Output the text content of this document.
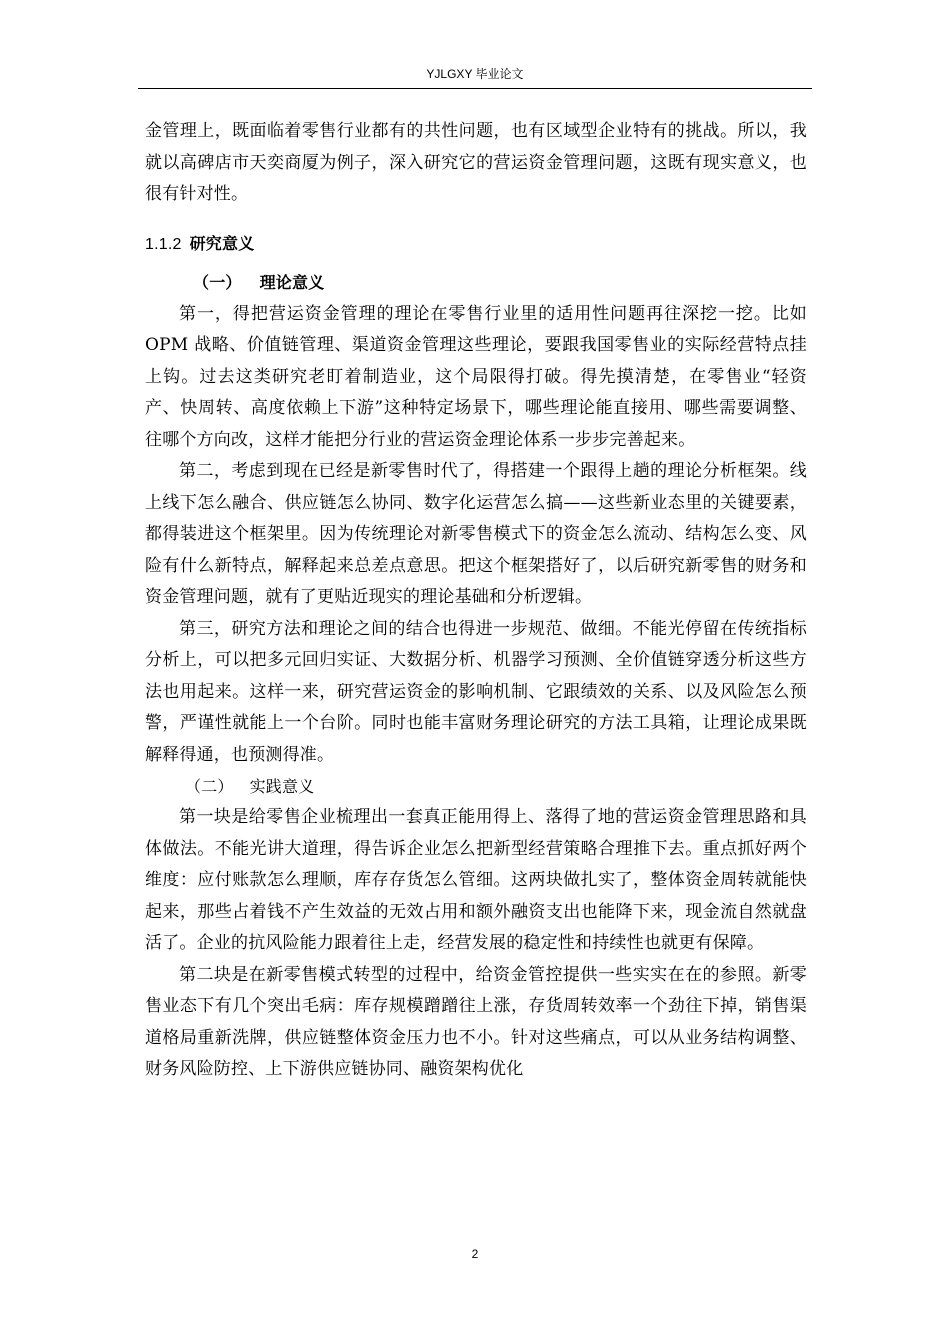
YJLGXY 毕业论文

金管理上，既面临着零售行业都有的共性问题，也有区域型企业特有的挑战。所以，我就以高碑店市天奕商厦为例子，深入研究它的营运资金管理问题，这既有现实意义，也很有针对性。

1.1.2 研究意义

（一） 理论意义

第一，得把营运资金管理的理论在零售行业里的适用性问题再往深挖一挖。比如 OPM 战略、价值链管理、渠道资金管理这些理论，要跟我国零售业的实际经营特点挂上钩。过去这类研究老盯着制造业，这个局限得打破。得先摸清楚，在零售业“轻资产、快周转、高度依赖上下游”这种特定场景下，哪些理论能直接用、哪些需要调整、往哪个方向改，这样才能把分行业的营运资金理论体系一步步完善起来。

第二，考虑到现在已经是新零售时代了，得搭建一个跟得上趟的理论分析框架。线上线下怎么融合、供应链怎么协同、数字化运营怎么搞——这些新业态里的关键要素，都得装进这个框架里。因为传统理论对新零售模式下的资金怎么流动、结构怎么变、风险有什么新特点，解释起来总差点意思。把这个框架搭好了，以后研究新零售的财务和资金管理问题，就有了更贴近现实的理论基础和分析逻辑。

第三，研究方法和理论之间的结合也得进一步规范、做细。不能光停留在传统指标分析上，可以把多元回归实证、大数据分析、机器学习预测、全价值链穿透分析这些方法也用起来。这样一来，研究营运资金的影响机制、它跟绩效的关系、以及风险怎么预警，严谨性就能上一个台阶。同时也能丰富财务理论研究的方法工具箱，让理论成果既解释得通，也预测得准。

（二） 实践意义

第一块是给零售企业梳理出一套真正能用得上、落得了地的营运资金管理思路和具体做法。不能光讲大道理，得告诉企业怎么把新型经营策略合理推下去。重点抓好两个维度：应付账款怎么理顺，库存存货怎么管细。这两块做扎实了，整体资金周转就能快起来，那些占着钱不产生效益的无效占用和额外融资支出也能降下来，现金流自然就盘活了。企业的抗风险能力跟着往上走，经营发展的稳定性和持续性也就更有保障。

第二块是在新零售模式转型的过程中，给资金管控提供一些实实在在的参照。新零售业态下有几个突出毛病：库存规模蹭蹭往上涨，存货周转效率一个劲往下掉，销售渠道格局重新洗牌，供应链整体资金压力也不小。针对这些痛点，可以从业务结构调整、财务风险防控、上下游供应链协同、融资架构优化

2
